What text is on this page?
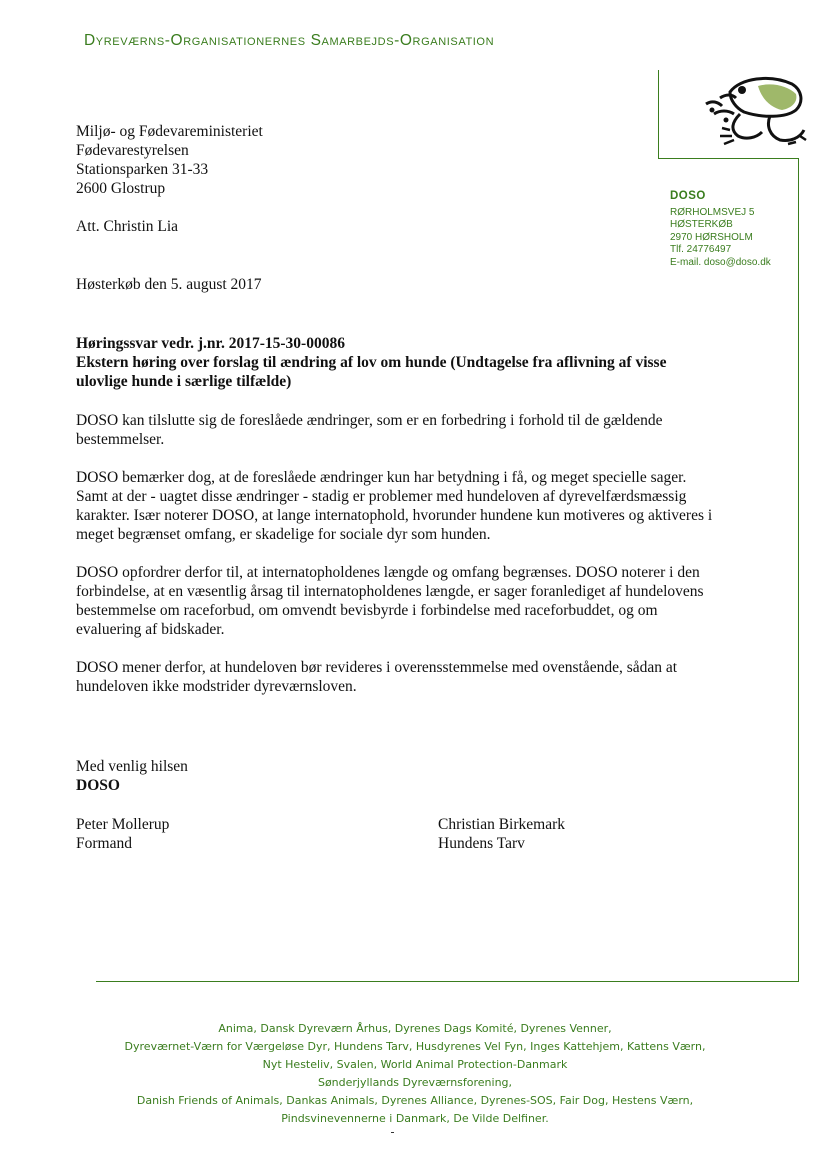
Dyreværns-Organisationernes Samarbejds-Organisation
DOSO
RØRHOLMSVEJ 5
HØSTERKØB
2970 HØRSHOLM
Tlf. 24776497
E-mail. doso@doso.dk
Miljø- og Fødevareministeriet
Fødevarestyrelsen
Stationsparken 31-33
2600 Glostrup
Att. Christin Lia
Høsterkøb den 5. august 2017
Høringssvar vedr. j.nr. 2017-15-30-00086
Ekstern høring over forslag til ændring af lov om hunde (Undtagelse fra aflivning af visse ulovlige hunde i særlige tilfælde)

DOSO kan tilslutte sig de foreslåede ændringer, som er en forbedring i forhold til de gældende bestemmelser.

DOSO bemærker dog, at de foreslåede ændringer kun har betydning i få, og meget specielle sager. Samt at der - uagtet disse ændringer - stadig er problemer med hundeloven af dyrevelfærdsmæssig karakter. Især noterer DOSO, at lange internatophold, hvorunder hundene kun motiveres og aktiveres i meget begrænset omfang, er skadelige for sociale dyr som hunden.

DOSO opfordrer derfor til, at internatopholdenes længde og omfang begrænses. DOSO noterer i den forbindelse, at en væsentlig årsag til internatopholdenes længde, er sager foranlediget af hundelovens bestemmelse om raceforbud, om omvendt bevisbyrde i forbindelse med raceforbuddet, og om evaluering af bidskader.

DOSO mener derfor, at hundeloven bør revideres i overensstemmelse med ovenstående, sådan at hundeloven ikke modstrider dyreværnsloven.

Med venlig hilsen
DOSO
Peter Mollerup
Formand
Christian Birkemark
Hundens Tarv
Anima, Dansk Dyreværn Århus, Dyrenes Dags Komité, Dyrenes Venner,
Dyreværnet-Værn for Værgeløse Dyr, Hundens Tarv, Husdyrenes Vel Fyn, Inges Kattehjem, Kattens Værn,
Nyt Hesteliv, Svalen, World Animal Protection-Danmark
Sønderjyllands Dyreværnsforening,
Danish Friends of Animals, Dankas Animals, Dyrenes Alliance, Dyrenes-SOS, Fair Dog, Hestens Værn,
Pindsvinevennerne i Danmark, De Vilde Delfiner.
